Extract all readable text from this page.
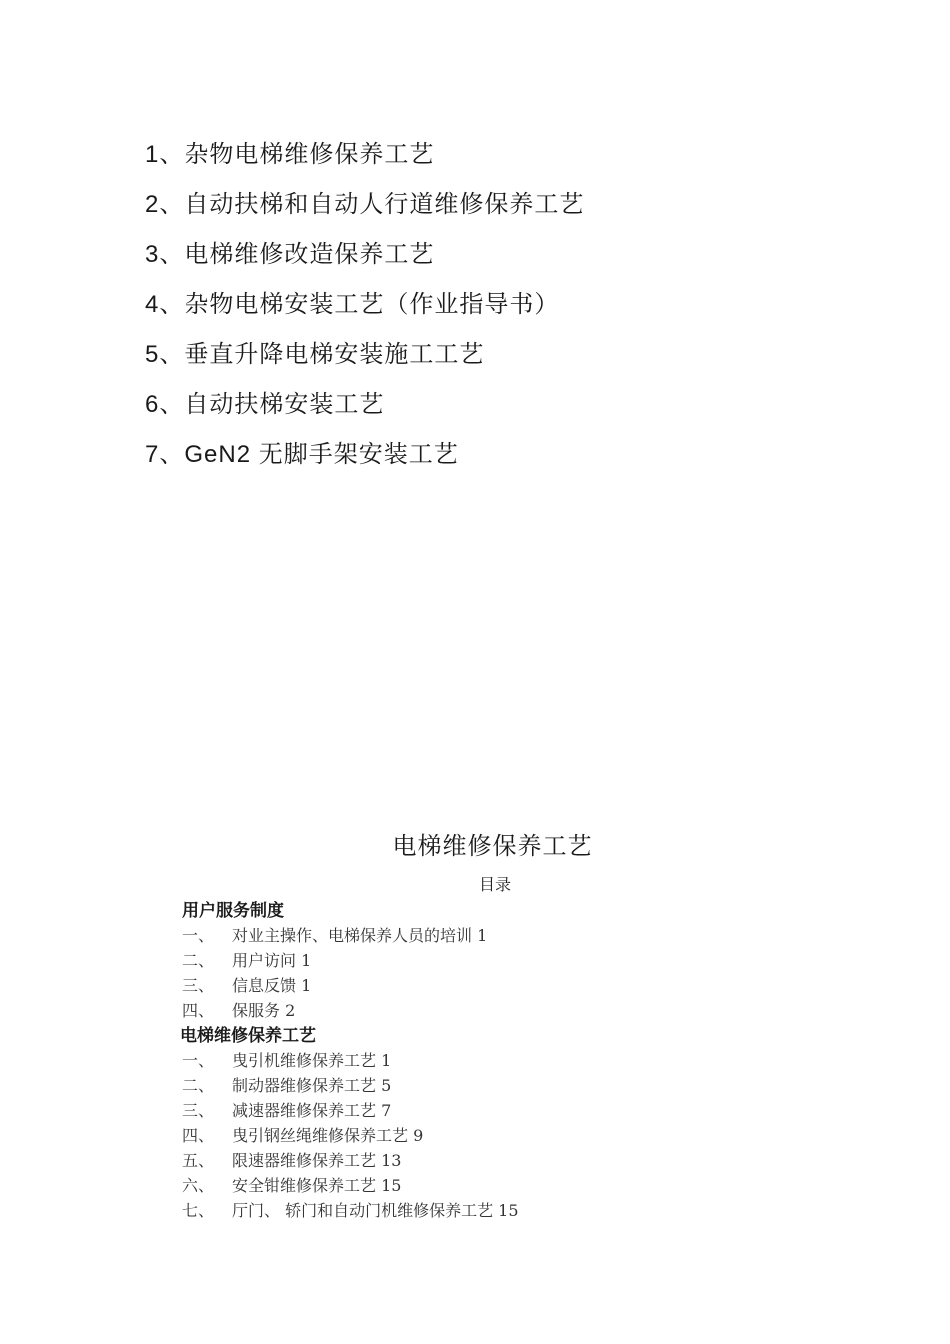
1、杂物电梯维修保养工艺
2、自动扶梯和自动人行道维修保养工艺
3、电梯维修改造保养工艺
4、杂物电梯安装工艺（作业指导书）
5、垂直升降电梯安装施工工艺
6、自动扶梯安装工艺
7、GeN2 无脚手架安装工艺
电梯维修保养工艺
目录
用户服务制度
一、 对业主操作、电梯保养人员的培训 1
二、 用户访问 1
三、 信息反馈 1
四、 保服务 2
电梯维修保养工艺
一、 曳引机维修保养工艺 1
二、 制动器维修保养工艺 5
三、 减速器维修保养工艺 7
四、 曳引钢丝绳维修保养工艺 9
五、 限速器维修保养工艺 13
六、 安全钳维修保养工艺 15
七、 厅门、 轿门和自动门机维修保养工艺 15
